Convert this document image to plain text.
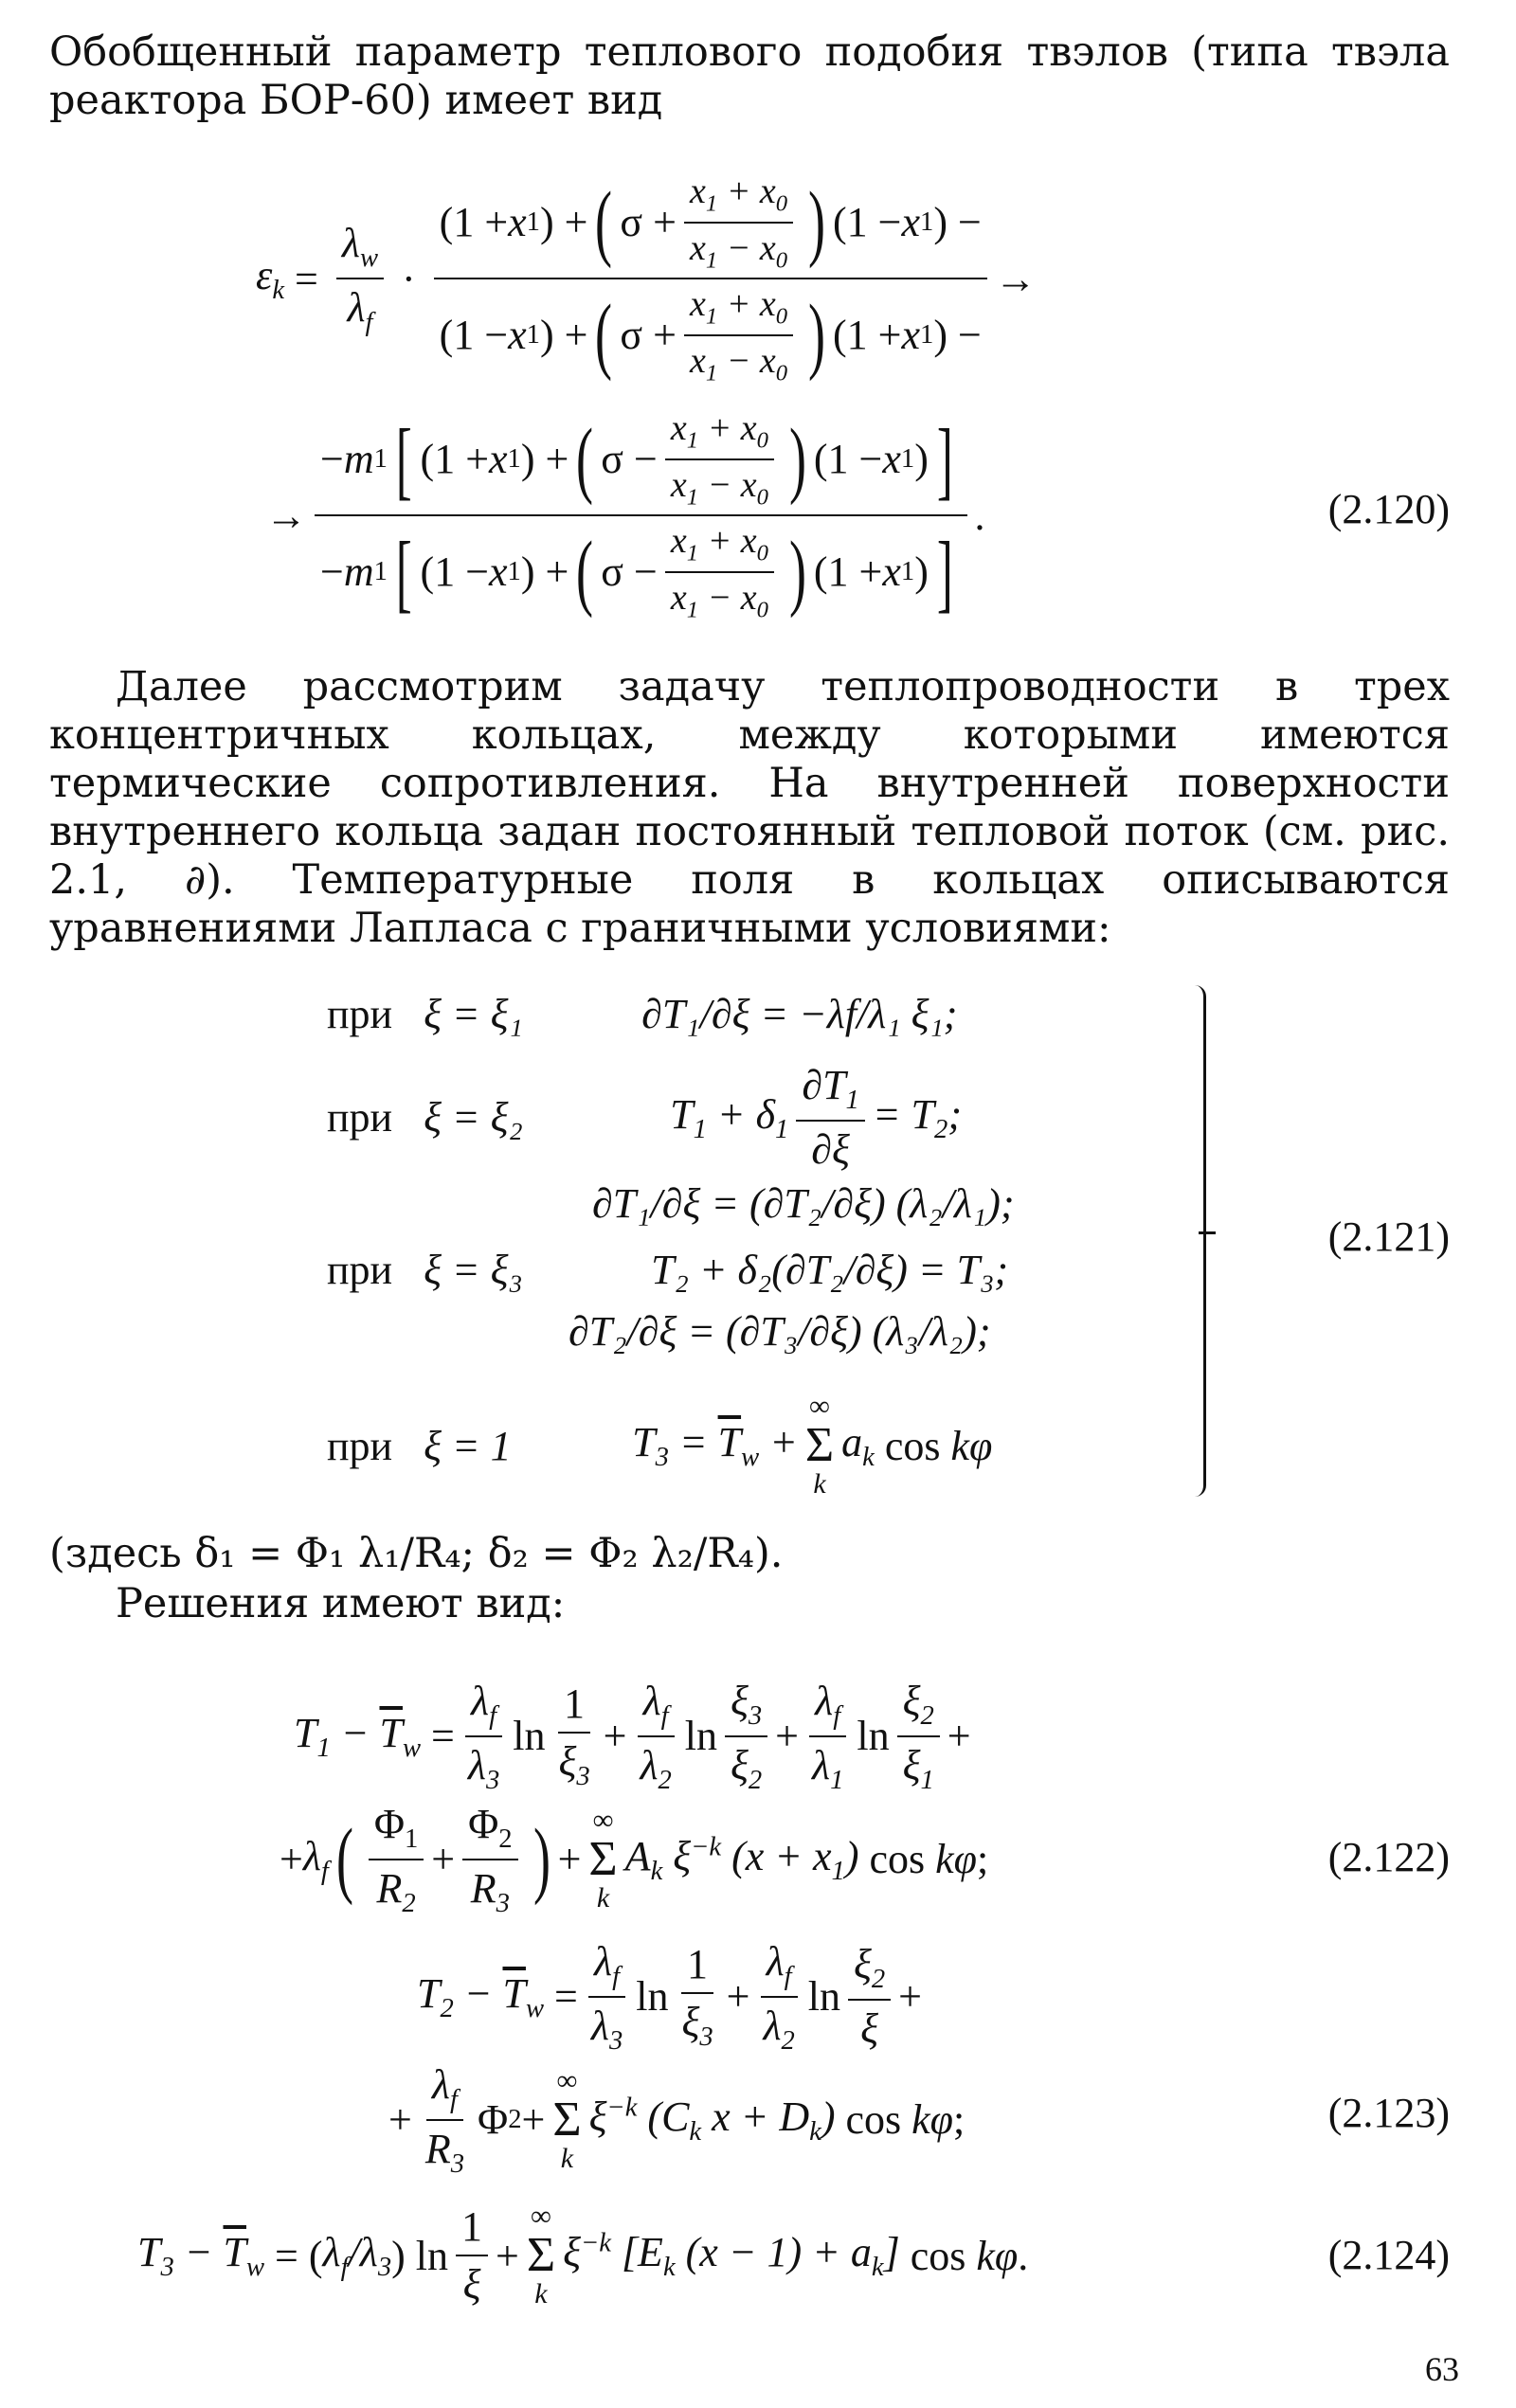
Обобщенный параметр теплового подобия твэлов (типа твэла реактора БОР-60) имеет вид

$\varepsilon_k = \frac{\lambda_w}{\lambda_f} \cdot \frac{(1 + x 1 ) + ( \sigma + \frac{x_1 + x_0}{x_1 - x_0} ) (1 - x 1 ) -}{(1 - x 1 ) + ( \sigma + \frac{x_1 + x_0}{x_1 - x_0} ) (1 + x 1 ) -}$ →
→ $\frac{- m 1 [ (1 + x 1 ) + ( \sigma - \frac{x_1 + x_0}{x_1 - x_0} ) (1 - x 1 ) ]}{- m 1 [ (1 - x 1 ) + ( \sigma - \frac{x_1 + x_0}{x_1 - x_0} ) (1 + x 1 ) ]}$ .	(2.120)

Далее рассмотрим задачу теплопроводности в трех концентричных кольцах, между которыми имеются термические сопротивления. На внутренней поверхности внутреннего кольца задан постоянный тепловой поток (см. рис. 2.1, ∂). Температурные поля в кольцах описываются уравнениями Лапласа с граничными условиями:

при
ξ = ξ₁	∂T₁/∂ξ = −λf/λ₁ ξ₁;
при
ξ = ξ₂	$T_1 + \delta_1 \frac{\partial T_1}{\partial\xi} = T_2$;
∂T₁/∂ξ = (∂T₂/∂ξ) (λ₂/λ₁);
при
ξ = ξ₃	T₂ + δ₂(∂T₂/∂ξ) = T₃;
∂T₂/∂ξ = (∂T₃/∂ξ) (λ₃/λ₂);
при
ξ = 1	$T_3 = \overline{T}_w$ +
∞
Σ
k
$a_k$ cos kφ
(2.121)

(здесь δ₁ = Φ₁ λ₁/R₄; δ₂ = Φ₂ λ₂/R₄).

Решения имеют вид:

$T_1 - \overline{T}_w = \frac{\lambda_f}{\lambda_3}$ $\ln \frac{1}{\xi_3} + \frac{\lambda_f}{\lambda_2}$ $\ln \frac{\xi_3}{\xi_2} + \frac{\lambda_f}{\lambda_1}$ $\ln \frac{\xi_2}{\xi_1}$ +
+ $\lambda_f$ ( $\frac{\Phi_1}{R_2} + \frac{\Phi_2}{R_3}$ ) +
∞
Σ
k
$A_k$ $\xi^{-k}$ $(x + x_1)$ cos kφ ;	(2.122)
$T_2 - \overline{T}_w = \frac{\lambda_f}{\lambda_3}$ $\ln \frac{1}{\xi_3} + \frac{\lambda_f}{\lambda_2}$ $\ln \frac{\xi_2}{\xi}$ +
+ $\frac{\lambda_f}{R_3}$ Φ 2 +
∞
Σ
k
$\xi^{-k}$ ($C_k$ $x + D_k$) cos kφ ;	(2.123)
$T_3 - \overline{T}_w$ = ( $\lambda_f/\lambda_3$ ) $\ln \frac{1}{\xi}$ +
∞
Σ
k
$\xi^{-k}$ [$E_k$ $(x - 1) + a_k$] cos kφ .	(2.124)
63
